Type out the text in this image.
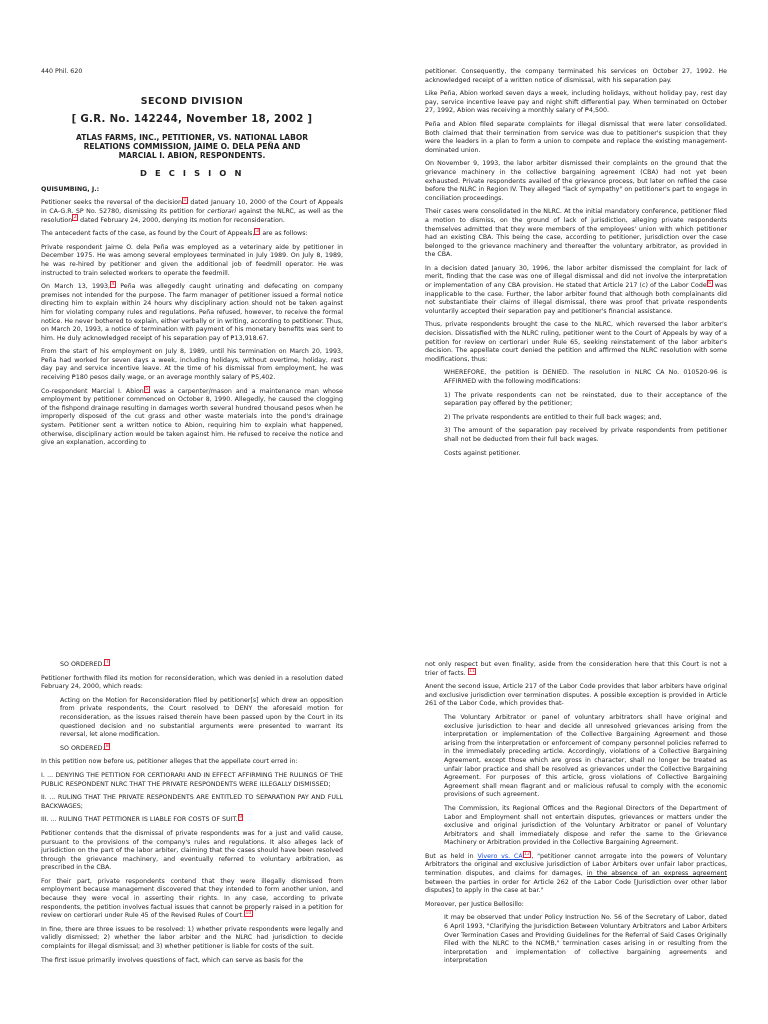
440 Phil. 620

SECOND DIVISION

[ G.R. No. 142244, November 18, 2002 ]

ATLAS FARMS, INC., PETITIONER, VS. NATIONAL LABOR RELATIONS COMMISSION, JAIME O. DELA PEÑA AND MARCIAL I. ABION, RESPONDENTS.

D E C I S I O N

QUISUMBING, J.:

Petitioner seeks the reversal of the decision $^1$ dated January 10, 2000 of the Court of Appeals in CA-G.R. SP No. 52780, dismissing its petition for certiorari against the NLRC, as well as the resolution $^2$ dated February 24, 2000, denying its motion for reconsideration.

The antecedent facts of the case, as found by the Court of Appeals, $^3$ are as follows:

Private respondent Jaime O. dela Peña was employed as a veterinary aide by petitioner in December 1975. He was among several employees terminated in July 1989. On July 8, 1989, he was re-hired by petitioner and given the additional job of feedmill operator. He was instructed to train selected workers to operate the feedmill.

On March 13, 1993, $^4$ Peña was allegedly caught urinating and defecating on company premises not intended for the purpose. The farm manager of petitioner issued a formal notice directing him to explain within 24 hours why disciplinary action should not be taken against him for violating company rules and regulations. Peña refused, however, to receive the formal notice. He never bothered to explain, either verbally or in writing, according to petitioner. Thus, on March 20, 1993, a notice of termination with payment of his monetary benefits was sent to him. He duly acknowledged receipt of his separation pay of ₱13,918.67.

From the start of his employment on July 8, 1989, until his termination on March 20, 1993, Peña had worked for seven days a week, including holidays, without overtime, holiday, rest day pay and service incentive leave. At the time of his dismissal from employment, he was receiving ₱180 pesos daily wage, or an average monthly salary of ₱5,402.

Co-respondent Marcial I. Abion $^5$ was a carpenter/mason and a maintenance man whose employment by petitioner commenced on October 8, 1990. Allegedly, he caused the clogging of the fishpond drainage resulting in damages worth several hundred thousand pesos when he improperly disposed of the cut grass and other waste materials into the pond's drainage system. Petitioner sent a written notice to Abion, requiring him to explain what happened, otherwise, disciplinary action would be taken against him. He refused to receive the notice and give an explanation, according to

petitioner. Consequently, the company terminated his services on October 27, 1992. He acknowledged receipt of a written notice of dismissal, with his separation pay.

Like Peña, Abion worked seven days a week, including holidays, without holiday pay, rest day pay, service incentive leave pay and night shift differential pay. When terminated on October 27, 1992, Abion was receiving a monthly salary of ₱4,500.

Peña and Abion filed separate complaints for illegal dismissal that were later consolidated. Both claimed that their termination from service was due to petitioner's suspicion that they were the leaders in a plan to form a union to compete and replace the existing management-dominated union.

On November 9, 1993, the labor arbiter dismissed their complaints on the ground that the grievance machinery in the collective bargaining agreement (CBA) had not yet been exhausted. Private respondents availed of the grievance process, but later on refiled the case before the NLRC in Region IV. They alleged "lack of sympathy" on petitioner's part to engage in conciliation proceedings.

Their cases were consolidated in the NLRC. At the initial mandatory conference, petitioner filed a motion to dismiss, on the ground of lack of jurisdiction, alleging private respondents themselves admitted that they were members of the employees' union with which petitioner had an existing CBA. This being the case, according to petitioner, jurisdiction over the case belonged to the grievance machinery and thereafter the voluntary arbitrator, as provided in the CBA.

In a decision dated January 30, 1996, the labor arbiter dismissed the complaint for lack of merit, finding that the case was one of illegal dismissal and did not involve the interpretation or implementation of any CBA provision. He stated that Article 217 (c) of the Labor Code $^6$ was inapplicable to the case. Further, the labor arbiter found that although both complainants did not substantiate their claims of illegal dismissal, there was proof that private respondents voluntarily accepted their separation pay and petitioner's financial assistance.

Thus, private respondents brought the case to the NLRC, which reversed the labor arbiter's decision. Dissatisfied with the NLRC ruling, petitioner went to the Court of Appeals by way of a petition for review on certiorari under Rule 65, seeking reinstatement of the labor arbiter's decision. The appellate court denied the petition and affirmed the NLRC resolution with some modifications, thus:

WHEREFORE, the petition is DENIED. The resolution in NLRC CA No. 010520-96 is AFFIRMED with the following modifications:

1) The private respondents can not be reinstated, due to their acceptance of the separation pay offered by the petitioner;

2) The private respondents are entitled to their full back wages; and,

3) The amount of the separation pay received by private respondents from petitioner shall not be deducted from their full back wages.

Costs against petitioner.

SO ORDERED. $^7$

Petitioner forthwith filed its motion for reconsideration, which was denied in a resolution dated February 24, 2000, which reads:

Acting on the Motion for Reconsideration filed by petitioner[s] which drew an opposition from private respondents, the Court resolved to DENY the aforesaid motion for reconsideration, as the issues raised therein have been passed upon by the Court in its questioned decision and no substantial arguments were presented to warrant its reversal, let alone modification.

SO ORDERED. $^8$

In this petition now before us, petitioner alleges that the appellate court erred in:

I. ... DENYING THE PETITION FOR CERTIORARI AND IN EFFECT AFFIRMING THE RULINGS OF THE PUBLIC RESPONDENT NLRC THAT THE PRIVATE RESPONDENTS WERE ILLEGALLY DISMISSED;

II. ... RULING THAT THE PRIVATE RESPONDENTS ARE ENTITLED TO SEPARATION PAY AND FULL BACKWAGES;

III. ... RULING THAT PETITIONER IS LIABLE FOR COSTS OF SUIT. $^9$

Petitioner contends that the dismissal of private respondents was for a just and valid cause, pursuant to the provisions of the company's rules and regulations. It also alleges lack of jurisdiction on the part of the labor arbiter, claiming that the cases should have been resolved through the grievance machinery, and eventually referred to voluntary arbitration, as prescribed in the CBA.

For their part, private respondents contend that they were illegally dismissed from employment because management discovered that they intended to form another union, and because they were vocal in asserting their rights. In any case, according to private respondents, the petition involves factual issues that cannot be properly raised in a petition for review on certiorari under Rule 45 of the Revised Rules of Court. $^{10}$

In fine, there are three issues to be resolved: 1) whether private respondents were legally and validly dismissed; 2) whether the labor arbiter and the NLRC had jurisdiction to decide complaints for illegal dismissal; and 3) whether petitioner is liable for costs of the suit.

The first issue primarily involves questions of fact, which can serve as basis for the

not only respect but even finality, aside from the consideration here that this Court is not a trier of facts. $^{11}$

Anent the second issue, Article 217 of the Labor Code provides that labor arbiters have original and exclusive jurisdiction over termination disputes. A possible exception is provided in Article 261 of the Labor Code, which provides that-

The Voluntary Arbitrator or panel of voluntary arbitrators shall have original and exclusive jurisdiction to hear and decide all unresolved grievances arising from the interpretation or implementation of the Collective Bargaining Agreement and those arising from the interpretation or enforcement of company personnel policies referred to in the immediately preceding article. Accordingly, violations of a Collective Bargaining Agreement, except those which are gross in character, shall no longer be treated as unfair labor practice and shall be resolved as grievances under the Collective Bargaining Agreement. For purposes of this article, gross violations of Collective Bargaining Agreement shall mean flagrant and or malicious refusal to comply with the economic provisions of such agreement.

The Commission, its Regional Offices and the Regional Directors of the Department of Labor and Employment shall not entertain disputes, grievances or matters under the exclusive and original jurisdiction of the Voluntary Arbitrator or panel of Voluntary Arbitrators and shall immediately dispose and refer the same to the Grievance Machinery or Arbitration provided in the Collective Bargaining Agreement.

But as held in Vivero vs. CA $^{12}$ , "petitioner cannot arrogate into the powers of Voluntary Arbitrators the original and exclusive jurisdiction of Labor Arbiters over unfair labor practices, termination disputes, and claims for damages, in the absence of an express agreement between the parties in order for Article 262 of the Labor Code [Jurisdiction over other labor disputes] to apply in the case at bar."

Moreover, per Justice Bellosillo:

It may be observed that under Policy Instruction No. 56 of the Secretary of Labor, dated 6 April 1993, "Clarifying the Jurisdiction Between Voluntary Arbitrators and Labor Arbiters Over Termination Cases and Providing Guidelines for the Referral of Said Cases Originally Filed with the NLRC to the NCMB," termination cases arising in or resulting from the interpretation and implementation of collective bargaining agreements and interpretation
